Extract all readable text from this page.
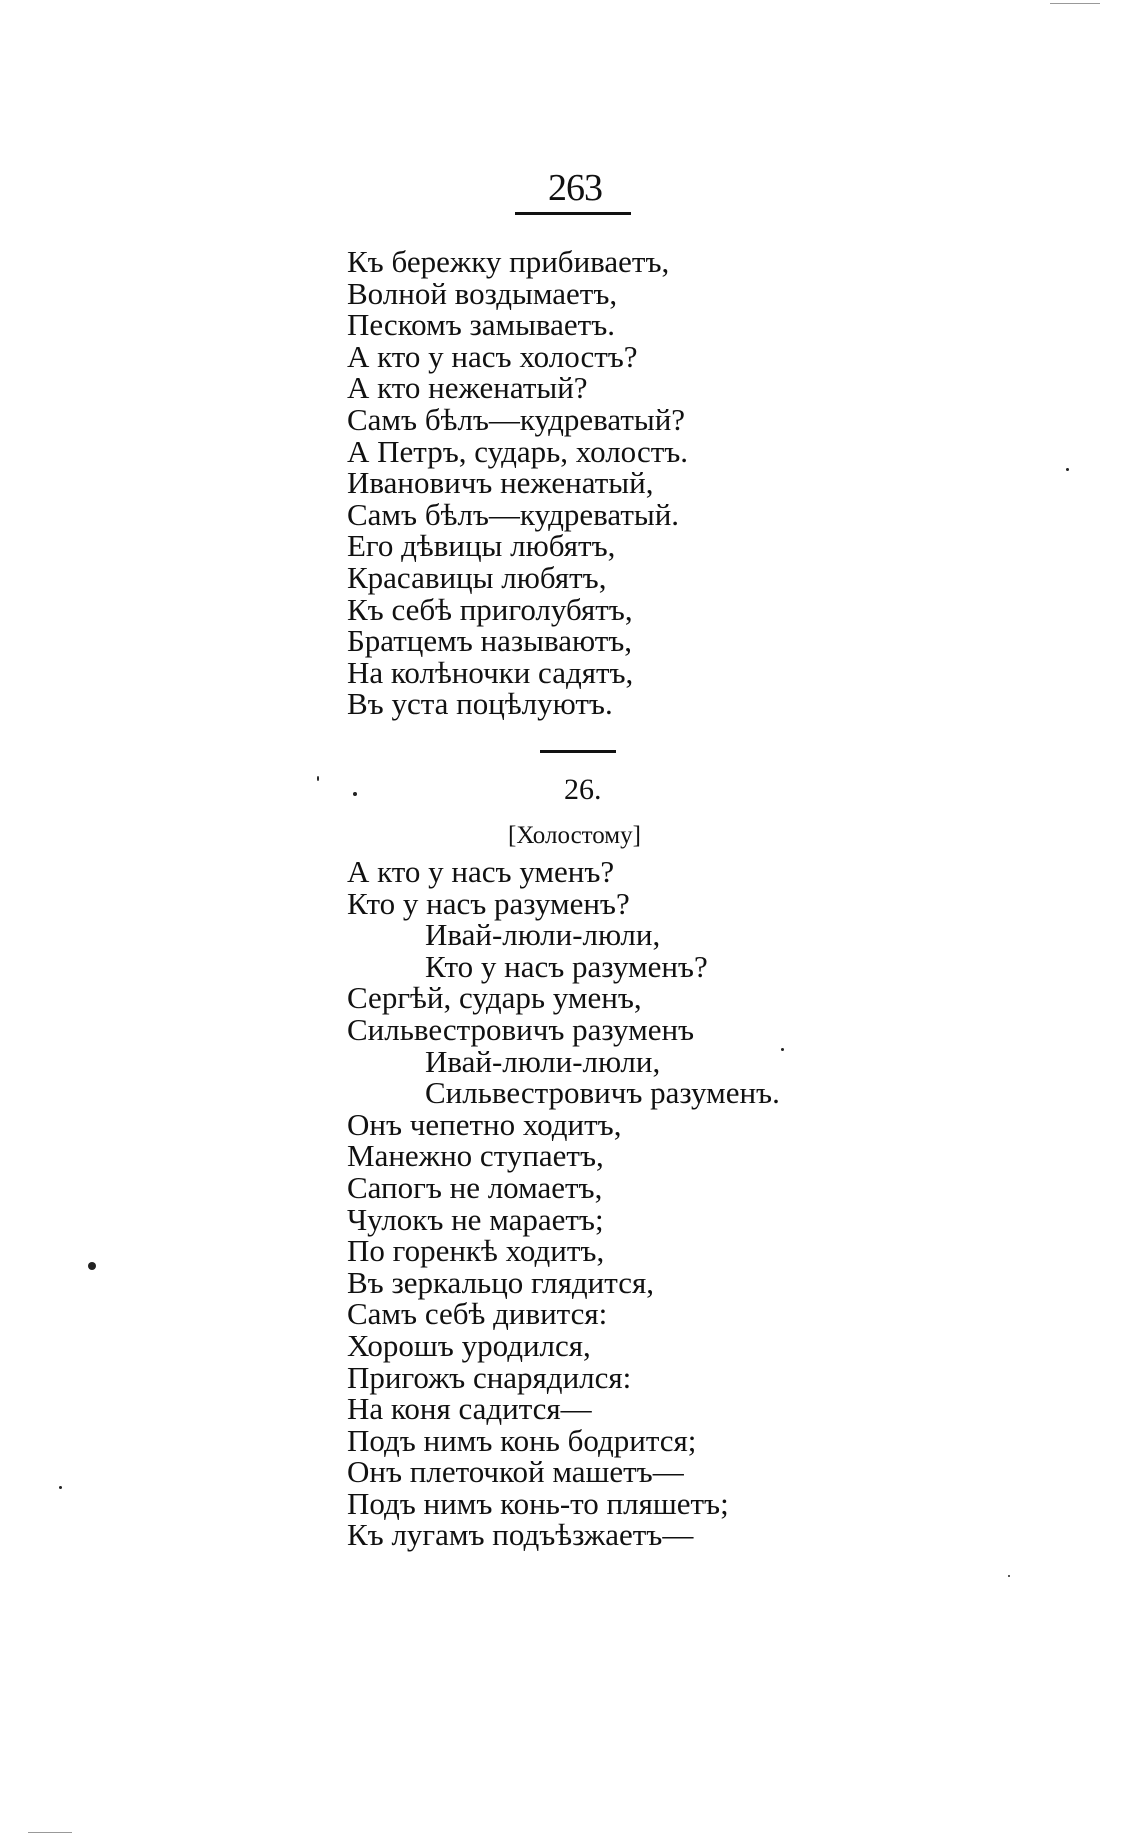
263
Къ бережку прибиваетъ,
Волной воздымаетъ,
Пескомъ замываетъ.
А кто у насъ холостъ?
А кто неженатый?
Самъ бѣлъ—кудреватый?
А Петръ, сударь, холостъ.
Ивановичъ неженатый,
Самъ бѣлъ—кудреватый.
Его дѣвицы любятъ,
Красавицы любятъ,
Къ себѣ приголубятъ,
Братцемъ называютъ,
На колѣночки садятъ,
Въ уста поцѣлуютъ.
26.
[Холостому]
А кто у насъ уменъ?
Кто у насъ разуменъ?
Ивай-люли-люли,
Кто у насъ разуменъ?
Сергѣй, сударь уменъ,
Сильвестровичъ разуменъ
Ивай-люли-люли,
Сильвестровичъ разуменъ.
Онъ чепетно ходитъ,
Манежно ступаетъ,
Сапогъ не ломаетъ,
Чулокъ не мараетъ;
По горенкѣ ходитъ,
Въ зеркальцо глядится,
Самъ себѣ дивится:
Хорошъ уродился,
Пригожъ снарядился:
На коня садится—
Подъ нимъ конь бодрится;
Онъ плеточкой машетъ—
Подъ нимъ конь-то пляшетъ;
Къ лугамъ подъѣзжаетъ—
